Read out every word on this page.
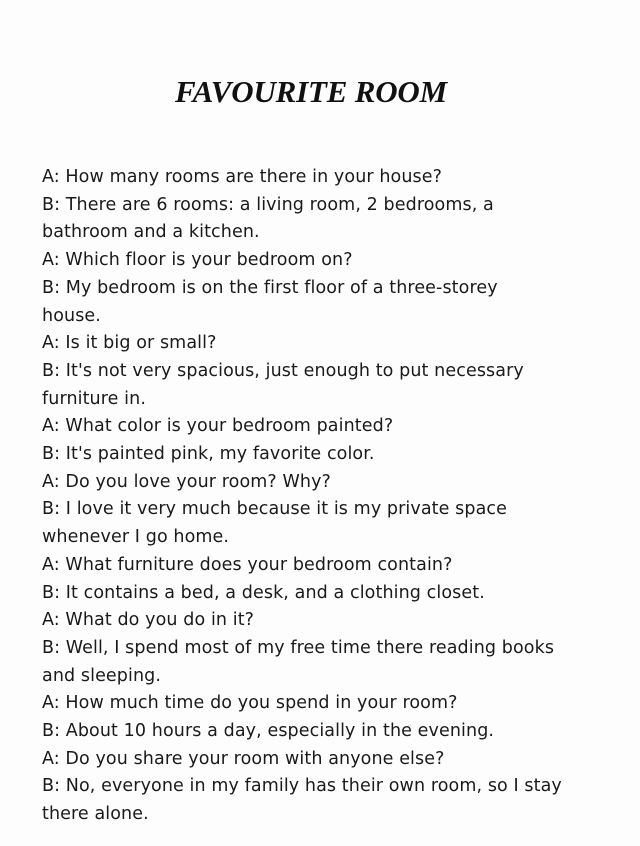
FAVOURITE ROOM
A: How many rooms are there in your house?
B: There are 6 rooms: a living room, 2 bedrooms, a
bathroom and a kitchen.
A: Which floor is your bedroom on?
B: My bedroom is on the first floor of a three-storey
house.
A: Is it big or small?
B: It's not very spacious, just enough to put necessary
furniture in.
A: What color is your bedroom painted?
B: It's painted pink, my favorite color.
A: Do you love your room? Why?
B: I love it very much because it is my private space
whenever I go home.
A: What furniture does your bedroom contain?
B: It contains a bed, a desk, and a clothing closet.
A: What do you do in it?
B: Well, I spend most of my free time there reading books
and sleeping.
A: How much time do you spend in your room?
B: About 10 hours a day, especially in the evening.
A: Do you share your room with anyone else?
B: No, everyone in my family has their own room, so I stay
there alone.
